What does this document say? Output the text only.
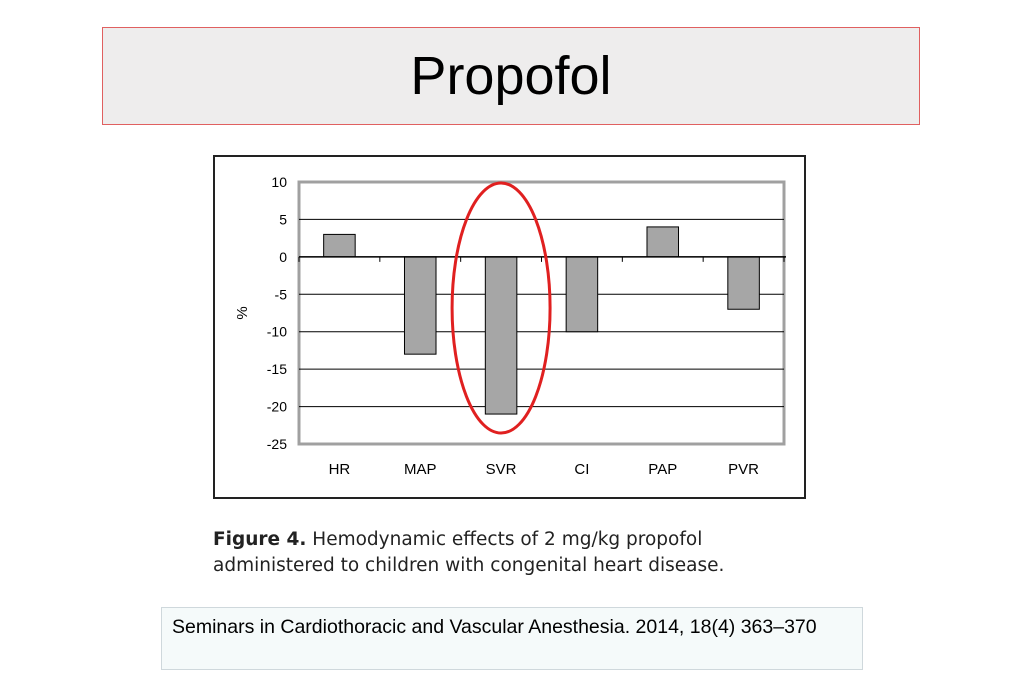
Propofol
10
5
0
-5
-10
-15
-20
-25
%
HR	MAP	SVR	CI	PAP	PVR
Figure 4. Hemodynamic effects of 2 mg/kg propofol administered to children with congenital heart disease.
Seminars in Cardiothoracic and Vascular Anesthesia. 2014, 18(4) 363–370
